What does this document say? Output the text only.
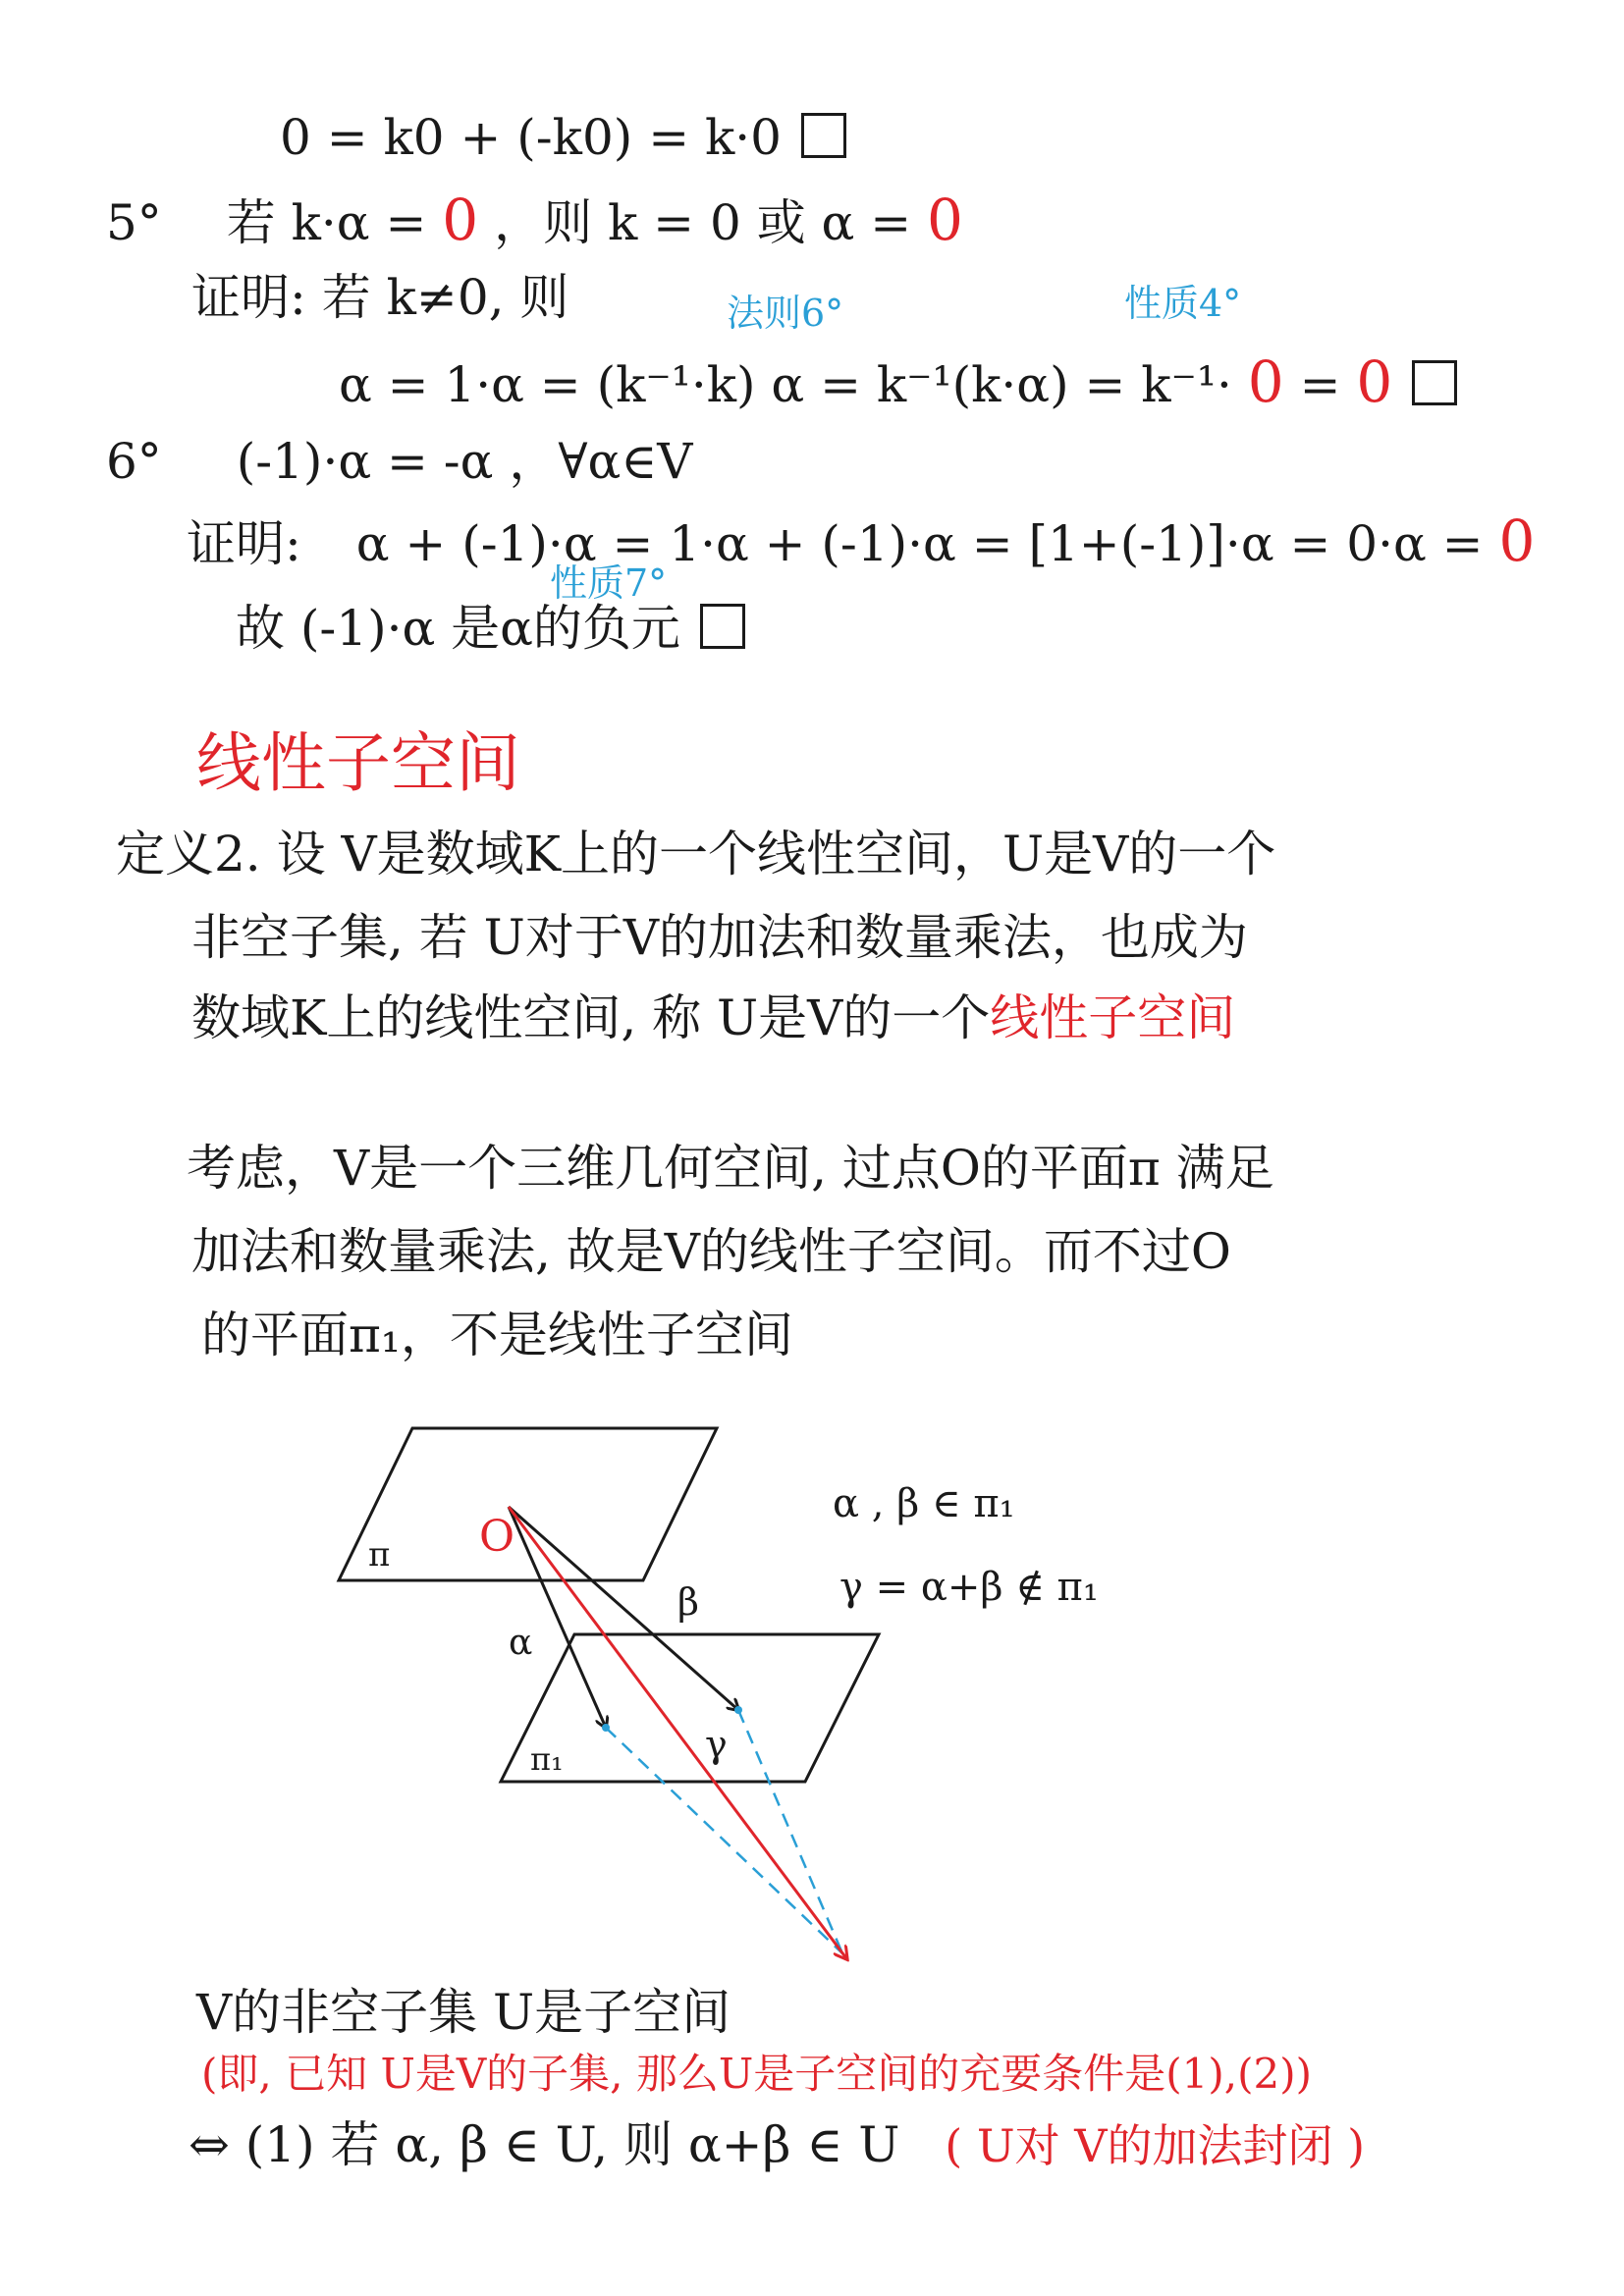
0 = k0 + (-k0) = k·0
5° 若 k·α = 0 ，则 k = 0 或 α = 0
证明: 若 k≠0, 则	法则6°	性质4°
α = 1·α = (k⁻¹·k) α = k⁻¹(k·α) = k⁻¹· 0 = 0
6° (-1)·α = -α ，∀α∈V
证明: α + (-1)·α = 1·α + (-1)·α = [1+(-1)]·α = 0·α = 0
性质7°
故 (-1)·α 是α的负元
线性子空间
定义2. 设 V是数域K上的一个线性空间，U是V的一个
非空子集, 若 U对于V的加法和数量乘法，也成为
数域K上的线性空间, 称 U是V的一个线性子空间
考虑，V是一个三维几何空间, 过点O的平面π 满足
加法和数量乘法, 故是V的线性子空间。而不过O
的平面π₁，不是线性子空间
π
π₁
O
α
β
γ
α , β ∈ π₁
γ = α+β ∉ π₁
V的非空子集 U是子空间
(即, 已知 U是V的子集, 那么U是子空间的充要条件是(1),(2))
⇔ (1) 若 α, β ∈ U, 则 α+β ∈ U ( U对 V的加法封闭 )
